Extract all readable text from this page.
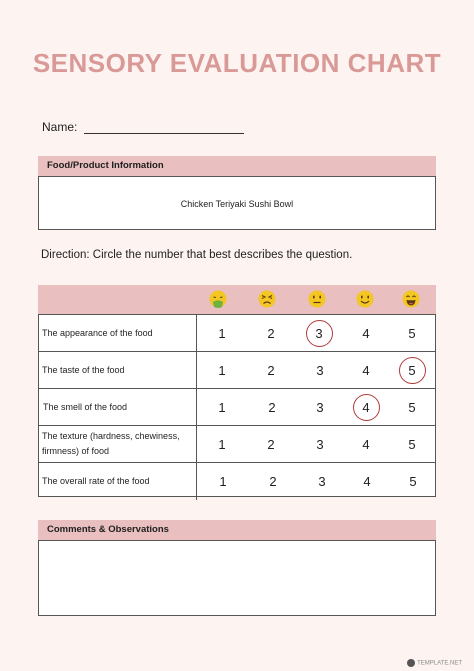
SENSORY EVALUATION CHART
Name:
Food/Product Information
Chicken Teriyaki Sushi Bowl
Direction: Circle the number that best describes the question.
The appearance of the food	1	2	3	4	5
The taste of the food	1	2	3	4	5
The smell of the food	1	2	3	4	5
The texture (hardness, chewiness, firmness) of food	1	2	3	4	5
The overall rate of the food	1	2	3	4	5
Comments & Observations
TEMPLATE.NET
